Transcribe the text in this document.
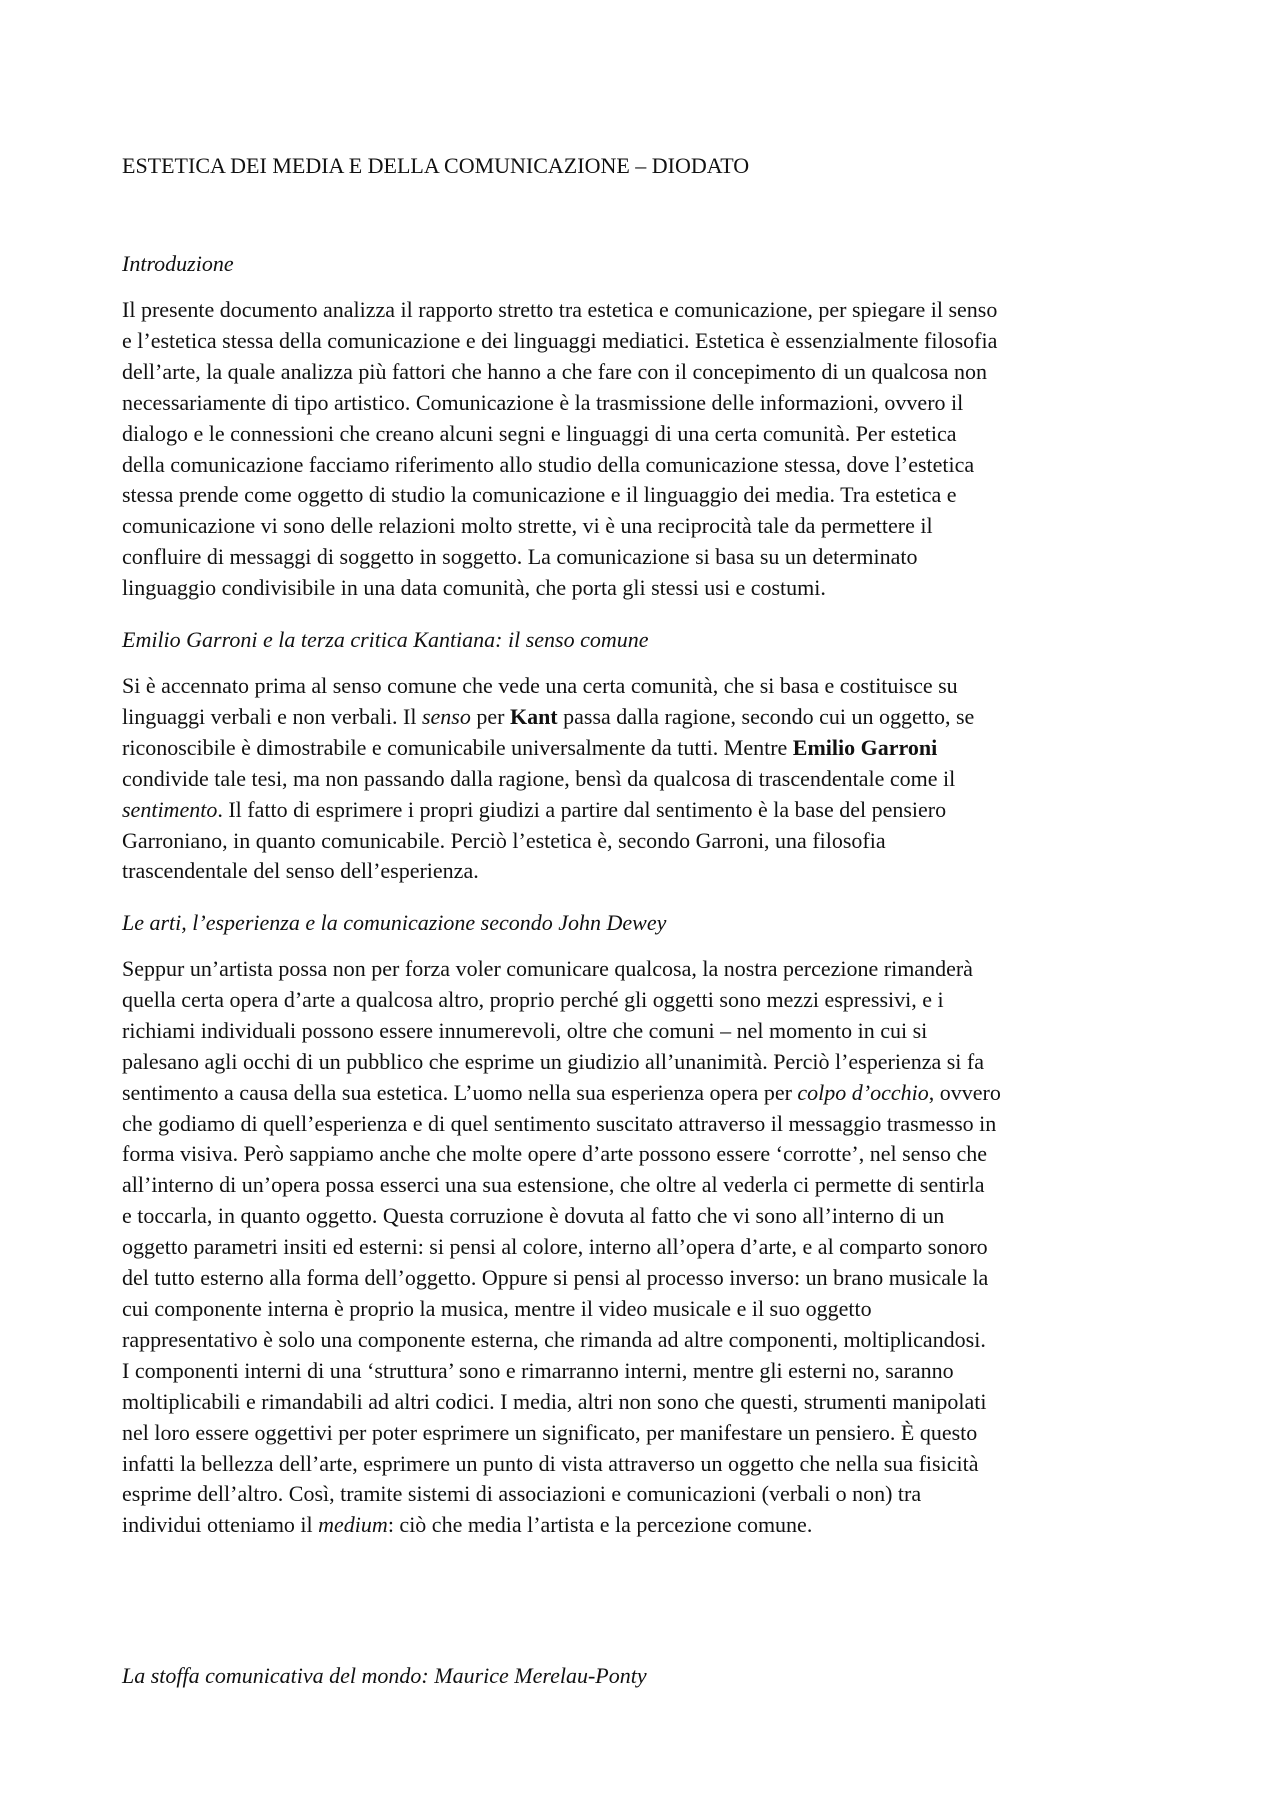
ESTETICA DEI MEDIA E DELLA COMUNICAZIONE – DIODATO
Introduzione
Il presente documento analizza il rapporto stretto tra estetica e comunicazione, per spiegare il senso
e l’estetica stessa della comunicazione e dei linguaggi mediatici. Estetica è essenzialmente filosofia
dell’arte, la quale analizza più fattori che hanno a che fare con il concepimento di un qualcosa non
necessariamente di tipo artistico. Comunicazione è la trasmissione delle informazioni, ovvero il
dialogo e le connessioni che creano alcuni segni e linguaggi di una certa comunità. Per estetica
della comunicazione facciamo riferimento allo studio della comunicazione stessa, dove l’estetica
stessa prende come oggetto di studio la comunicazione e il linguaggio dei media. Tra estetica e
comunicazione vi sono delle relazioni molto strette, vi è una reciprocità tale da permettere il
confluire di messaggi di soggetto in soggetto. La comunicazione si basa su un determinato
linguaggio condivisibile in una data comunità, che porta gli stessi usi e costumi.
Emilio Garroni e la terza critica Kantiana: il senso comune
Si è accennato prima al senso comune che vede una certa comunità, che si basa e costituisce su
linguaggi verbali e non verbali. Il senso per Kant passa dalla ragione, secondo cui un oggetto, se
riconoscibile è dimostrabile e comunicabile universalmente da tutti. Mentre Emilio Garroni
condivide tale tesi, ma non passando dalla ragione, bensì da qualcosa di trascendentale come il
sentimento. Il fatto di esprimere i propri giudizi a partire dal sentimento è la base del pensiero
Garroniano, in quanto comunicabile. Perciò l’estetica è, secondo Garroni, una filosofia
trascendentale del senso dell’esperienza.
Le arti, l’esperienza e la comunicazione secondo John Dewey
Seppur un’artista possa non per forza voler comunicare qualcosa, la nostra percezione rimanderà
quella certa opera d’arte a qualcosa altro, proprio perché gli oggetti sono mezzi espressivi, e i
richiami individuali possono essere innumerevoli, oltre che comuni – nel momento in cui si
palesano agli occhi di un pubblico che esprime un giudizio all’unanimità. Perciò l’esperienza si fa
sentimento a causa della sua estetica. L’uomo nella sua esperienza opera per colpo d’occhio, ovvero
che godiamo di quell’esperienza e di quel sentimento suscitato attraverso il messaggio trasmesso in
forma visiva. Però sappiamo anche che molte opere d’arte possono essere ‘corrotte’, nel senso che
all’interno di un’opera possa esserci una sua estensione, che oltre al vederla ci permette di sentirla
e toccarla, in quanto oggetto. Questa corruzione è dovuta al fatto che vi sono all’interno di un
oggetto parametri insiti ed esterni: si pensi al colore, interno all’opera d’arte, e al comparto sonoro
del tutto esterno alla forma dell’oggetto. Oppure si pensi al processo inverso: un brano musicale la
cui componente interna è proprio la musica, mentre il video musicale e il suo oggetto
rappresentativo è solo una componente esterna, che rimanda ad altre componenti, moltiplicandosi.
I componenti interni di una ‘struttura’ sono e rimarranno interni, mentre gli esterni no, saranno
moltiplicabili e rimandabili ad altri codici. I media, altri non sono che questi, strumenti manipolati
nel loro essere oggettivi per poter esprimere un significato, per manifestare un pensiero. È questo
infatti la bellezza dell’arte, esprimere un punto di vista attraverso un oggetto che nella sua fisicità
esprime dell’altro. Così, tramite sistemi di associazioni e comunicazioni (verbali o non) tra
individui otteniamo il medium: ciò che media l’artista e la percezione comune.
La stoffa comunicativa del mondo: Maurice Merelau-Ponty
